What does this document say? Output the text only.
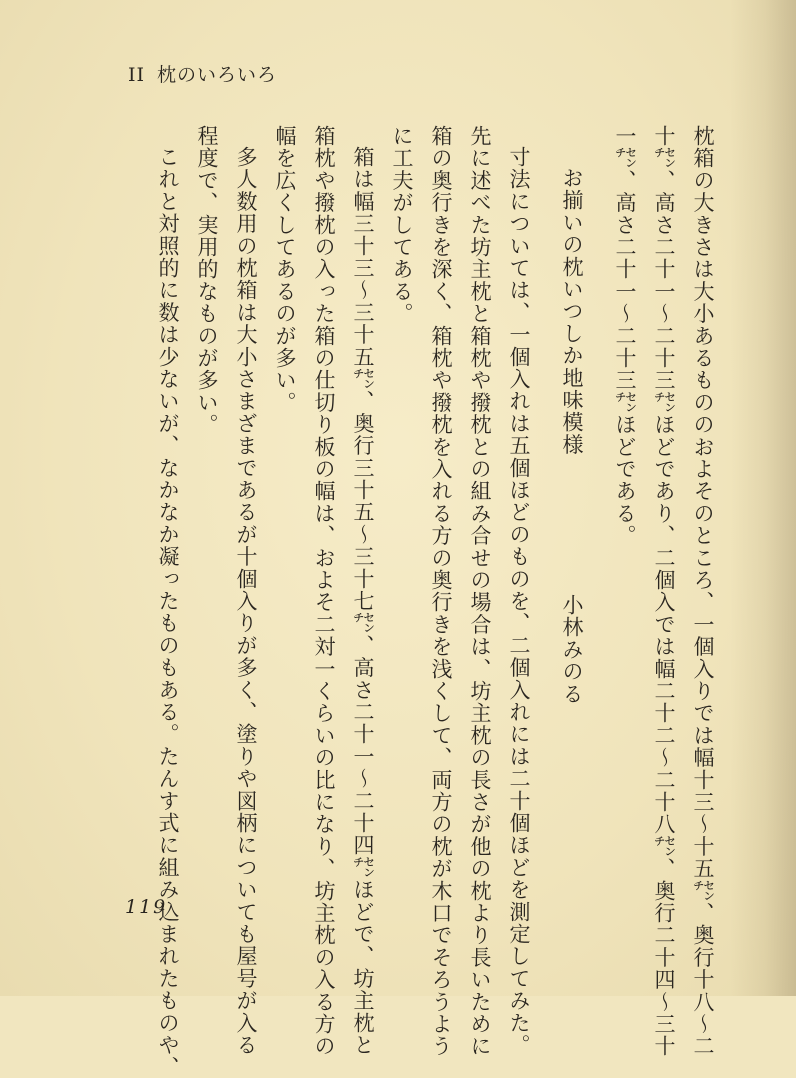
II 枕のいろいろ
枕箱の大きさは大小あるもののおよそのところ、一個入りでは幅十三〜十五㌢、奥行十八〜二
十㌢、高さ二十一〜二十三㌢ほどであり、二個入では幅二十二〜二十八㌢、奥行二十四〜三十
一㌢、高さ二十一〜二十三㌢ほどである。
お揃いの枕いつしか地味模様小林みのる
寸法については、一個入れは五個ほどのものを、二個入れには二十個ほどを測定してみた。
先に述べた坊主枕と箱枕や撥枕との組み合せの場合は、坊主枕の長さが他の枕より長いために
箱の奥行きを深く、箱枕や撥枕を入れる方の奥行きを浅くして、両方の枕が木口でそろうよう
に工夫がしてある。
箱は幅三十三〜三十五㌢、奥行三十五〜三十七㌢、高さ二十一〜二十四㌢ほどで、坊主枕と
箱枕や撥枕の入った箱の仕切り板の幅は、およそ二対一くらいの比になり、坊主枕の入る方の
幅を広くしてあるのが多い。
多人数用の枕箱は大小さまざまであるが十個入りが多く、塗りや図柄についても屋号が入る
程度で、実用的なものが多い。
これと対照的に数は少ないが、なかなか凝ったものもある。たんす式に組み込まれたものや、
119
